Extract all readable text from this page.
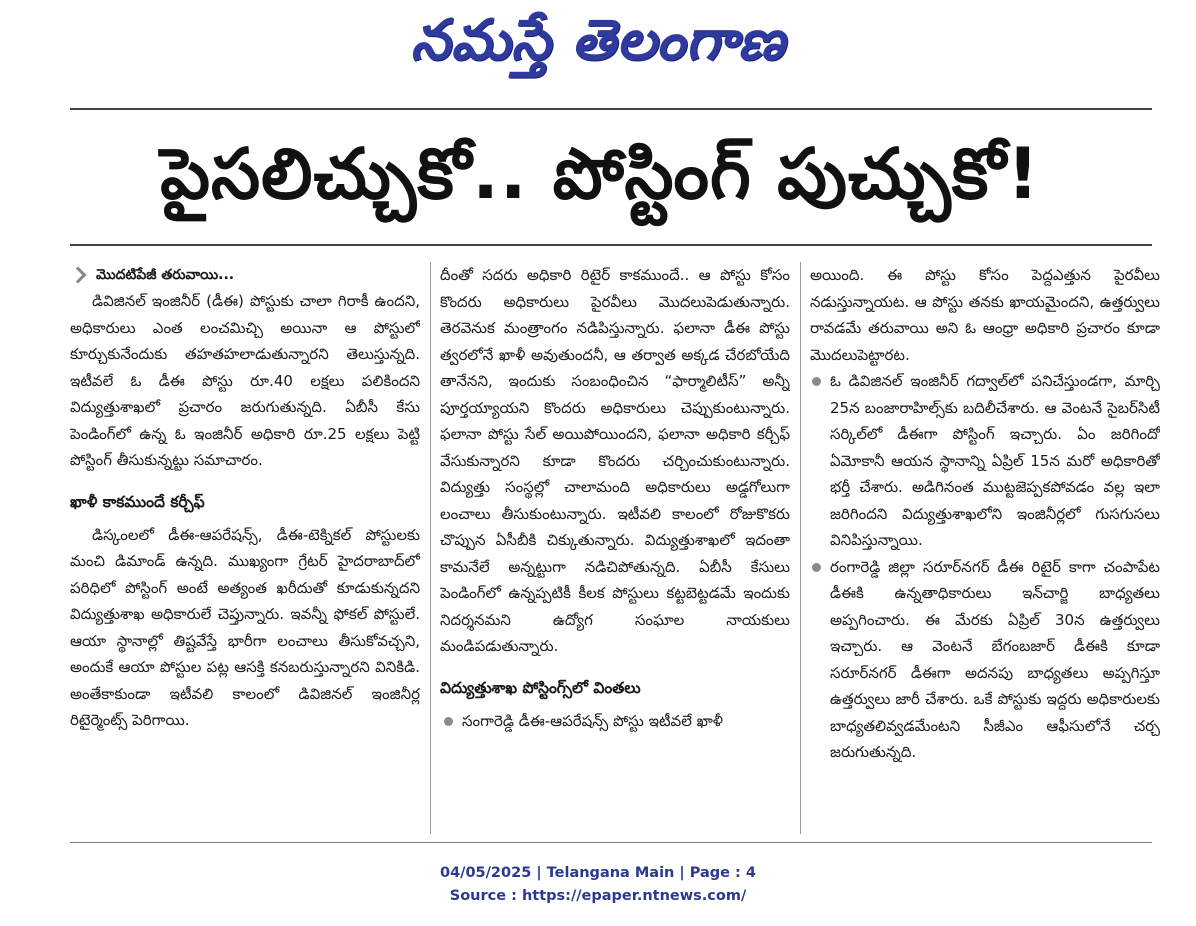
నమస్తే తెలంగాణ
పైసలిచ్చుకో.. పోస్టింగ్ పుచ్చుకో!
మొదటిపేజీ తరువాయి...

డివిజినల్ ఇంజినీర్ (డీఈ) పోస్టుకు చాలా గిరాకీ ఉందని, అధికారులు ఎంత లంచమిచ్చి అయినా ఆ పోస్టులో కూర్చుకునేందుకు తహతహలాడుతున్నారని తెలుస్తున్నది. ఇటీవలే ఓ డీఈ పోస్టు రూ.40 లక్షలు పలికిందని విద్యుత్తుశాఖలో ప్రచారం జరుగుతున్నది. ఏబీసీ కేసు పెండింగ్‌లో ఉన్న ఓ ఇంజినీర్ అధికారి రూ.25 లక్షలు పెట్టి పోస్టింగ్ తీసుకున్నట్టు సమాచారం.

ఖాళీ కాకముందే కర్చీఫ్

డిస్కంలలో డీఈ-ఆపరేషన్స్, డీఈ-టెక్నికల్ పోస్టులకు మంచి డిమాండ్ ఉన్నది. ముఖ్యంగా గ్రేటర్ హైదరాబాద్‌లో పరిధిలో పోస్టింగ్ అంటే అత్యంత ఖరీదుతో కూడుకున్నదని విద్యుత్తుశాఖ అధికారులే చెప్తున్నారు. ఇవన్నీ ఫోకల్ పోస్టులే. ఆయా స్థానాల్లో తిష్టవేస్తే భారీగా లంచాలు తీసుకోవచ్చని, అందుకే ఆయా పోస్టుల పట్ల ఆసక్తి కనబరుస్తున్నారని వినికిడి. అంతేకాకుండా ఇటీవలి కాలంలో డివిజినల్ ఇంజినీర్ల రిటైర్మెంట్స్ పెరిగాయి.

దీంతో సదరు అధికారి రిటైర్ కాకముందే.. ఆ పోస్టు కోసం కొందరు అధికారులు పైరవీలు మొదలుపెడుతున్నారు. తెరవెనుక మంత్రాంగం నడిపిస్తున్నారు. ఫలానా డీఈ పోస్టు త్వరలోనే ఖాళీ అవుతుందనీ, ఆ తర్వాత అక్కడ చేరబోయేది తానేనని, ఇందుకు సంబంధించిన “ఫార్మాలిటీస్” అన్నీ పూర్తయ్యాయని కొందరు అధికారులు చెప్పుకుంటున్నారు. ఫలానా పోస్టు సేల్ అయిపోయిందని, ఫలానా అధికారి కర్చీఫ్ వేసుకున్నారని కూడా కొందరు చర్చించుకుంటున్నారు. విద్యుత్తు సంస్థల్లో చాలామంది అధికారులు అడ్డగోలుగా లంచాలు తీసుకుంటున్నారు. ఇటీవలి కాలంలో రోజుకొకరు చొప్పున ఏసీబీకి చిక్కుతున్నారు. విద్యుత్తుశాఖలో ఇదంతా కామనేలే అన్నట్టుగా నడిచిపోతున్నది. ఏబీసీ కేసులు పెండింగ్‌లో ఉన్నప్పటికీ కీలక పోస్టులు కట్టబెట్టడమే ఇందుకు నిదర్శనమని ఉద్యోగ సంఘాల నాయకులు మండిపడుతున్నారు.

విద్యుత్తుశాఖ పోస్టింగ్స్‌లో వింతలు

సంగారెడ్డి డీఈ-ఆపరేషన్స్ పోస్టు ఇటీవలే ఖాళీ

అయింది. ఈ పోస్టు కోసం పెద్దఎత్తున పైరవీలు నడుస్తున్నాయట. ఆ పోస్టు తనకు ఖాయమైందని, ఉత్తర్వులు రావడమే తరువాయి అని ఓ ఆంధ్రా అధికారి ప్రచారం కూడా మొదలుపెట్టారట.

ఓ డివిజినల్ ఇంజినీర్ గద్వాల్‌లో పనిచేస్తుండగా, మార్చి 25న బంజారాహిల్స్‌కు బదిలీచేశారు. ఆ వెంటనే సైబర్‌సిటీ సర్కిల్‌లో డీఈగా పోస్టింగ్ ఇచ్చారు. ఏం జరిగిందో ఏమోకానీ ఆయన స్థానాన్ని ఏప్రిల్ 15న మరో అధికారితో భర్తీ చేశారు. అడిగినంత ముట్టజెప్పకపోవడం వల్ల ఇలా జరిగిందని విద్యుత్తుశాఖలోని ఇంజినీర్లలో గుసగుసలు వినిపిస్తున్నాయి.

రంగారెడ్డి జిల్లా సరూర్‌నగర్ డీఈ రిటైర్ కాగా చంపాపేట డీఈకి ఉన్నతాధికారులు ఇన్‌చార్జి బాధ్యతలు అప్పగించారు. ఈ మేరకు ఏప్రిల్ 30న ఉత్తర్వులు ఇచ్చారు. ఆ వెంటనే బేగంబజార్ డీఈకి కూడా సరూర్‌నగర్ డీఈగా అదనపు బాధ్యతలు అప్పగిస్తూ ఉత్తర్వులు జారీ చేశారు. ఒకే పోస్టుకు ఇద్దరు అధికారులకు బాధ్యతలివ్వడమేంటని సీజీఎం ఆఫీసులోనే చర్చ జరుగుతున్నది.

04/05/2025 | Telangana Main | Page : 4
Source : https://epaper.ntnews.com/
